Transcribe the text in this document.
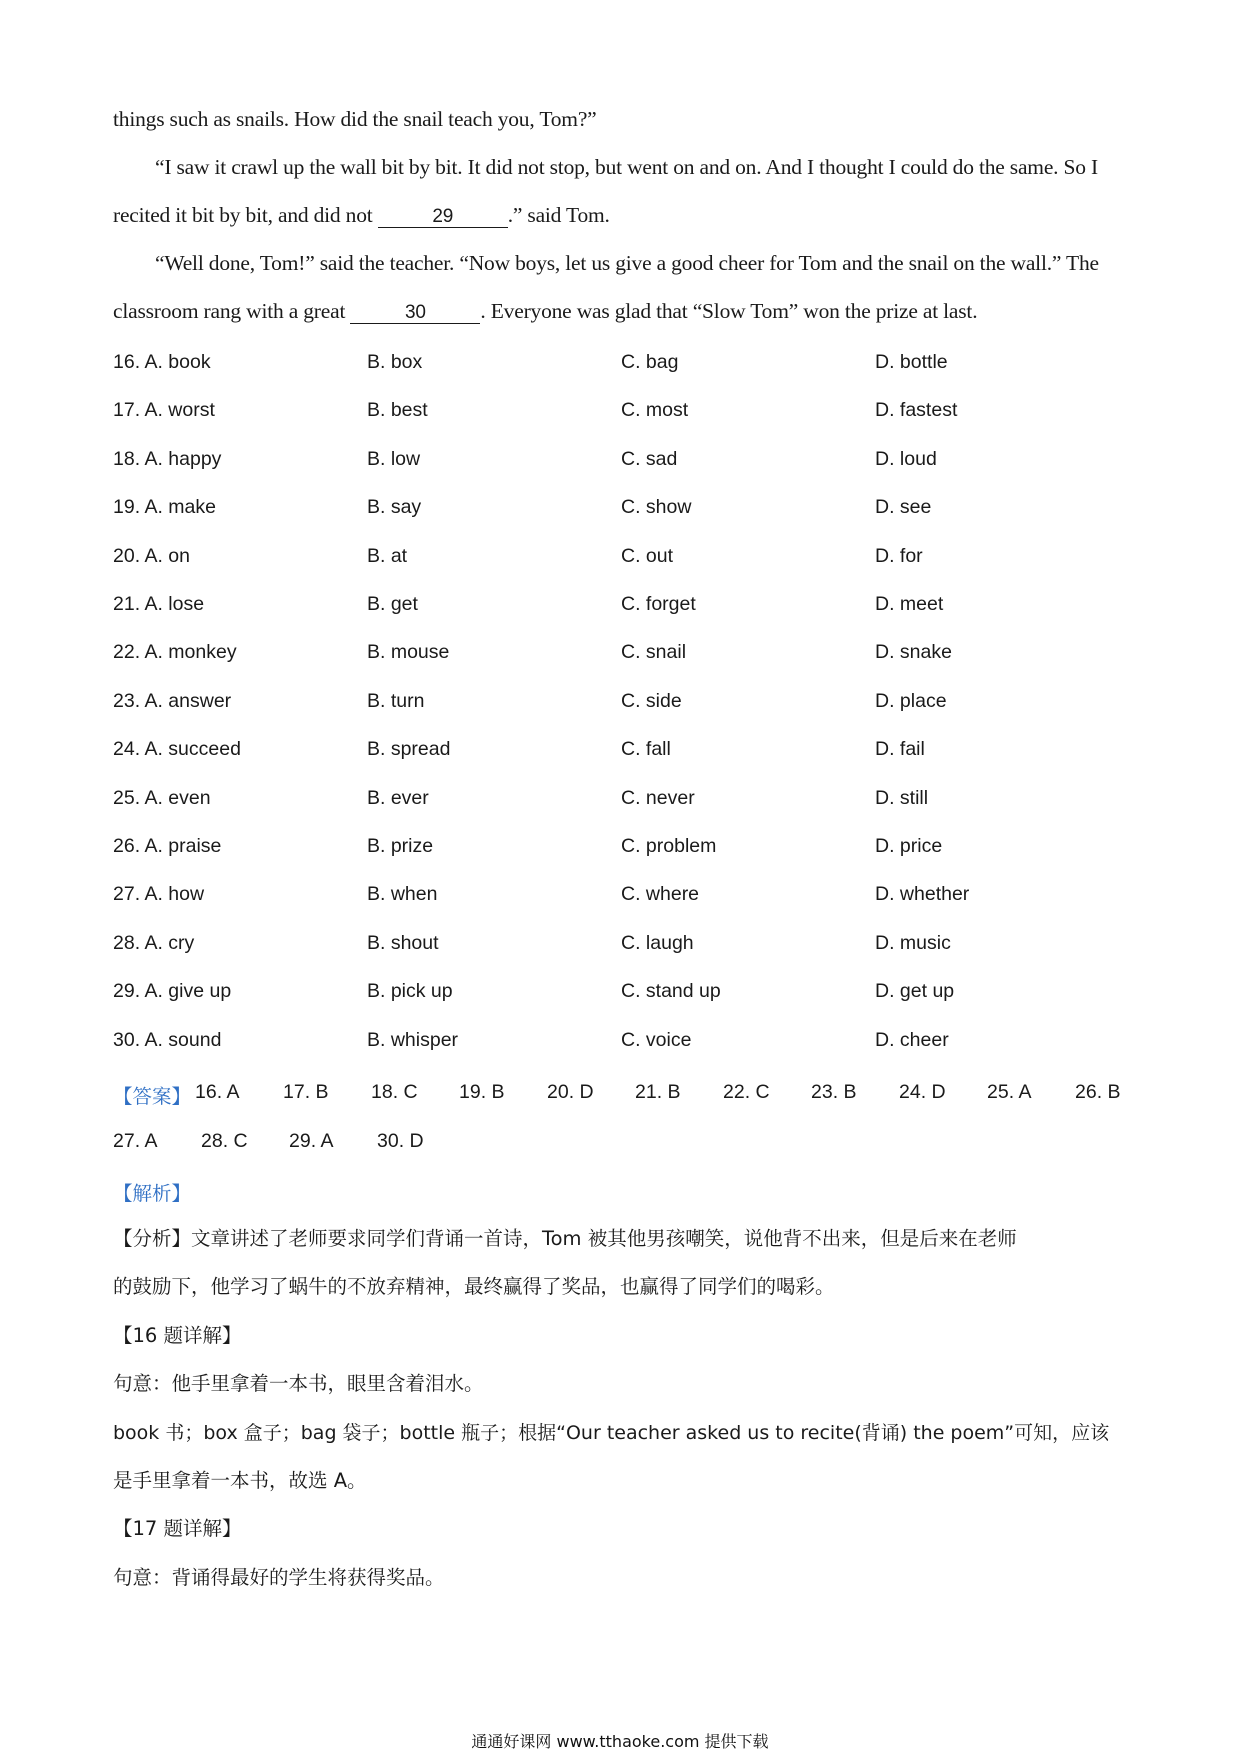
things such as snails. How did the snail teach you, Tom?”
“I saw it crawl up the wall bit by bit. It did not stop, but went on and on. And I thought I could do the same. So I
recited it bit by bit, and did not	29	.” said Tom.
“Well done, Tom!” said the teacher. “Now boys, let us give a good cheer for Tom and the snail on the wall.” The
classroom rang with a great	30	. Everyone was glad that “Slow Tom” won the prize at last.
16. A. book	B. box	C. bag	D. bottle
17. A. worst	B. best	C. most	D. fastest
18. A. happy	B. low	C. sad	D. loud
19. A. make	B. say	C. show	D. see
20. A. on	B. at	C. out	D. for
21. A. lose	B. get	C. forget	D. meet
22. A. monkey	B. mouse	C. snail	D. snake
23. A. answer	B. turn	C. side	D. place
24. A. succeed	B. spread	C. fall	D. fail
25. A. even	B. ever	C. never	D. still
26. A. praise	B. prize	C. problem	D. price
27. A. how	B. when	C. where	D. whether
28. A. cry	B. shout	C. laugh	D. music
29. A. give up	B. pick up	C. stand up	D. get up
30. A. sound	B. whisper	C. voice	D. cheer
【答案】 16. A 17. B 18. C 19. B 20. D 21. B 22. C 23. B 24. D 25. A 26. B
27. A 28. C 29. A 30. D
【解析】
【分析】文章讲述了老师要求同学们背诵一首诗，Tom 被其他男孩嘲笑，说他背不出来，但是后来在老师
的鼓励下，他学习了蜗牛的不放弃精神，最终赢得了奖品，也赢得了同学们的喝彩。
【16 题详解】
句意：他手里拿着一本书，眼里含着泪水。
book 书；box 盒子；bag 袋子；bottle 瓶子；根据“Our teacher asked us to recite(背诵) the poem”可知，应该
是手里拿着一本书，故选 A。
【17 题详解】
句意：背诵得最好的学生将获得奖品。
通通好课网 www.tthaoke.com 提供下载
